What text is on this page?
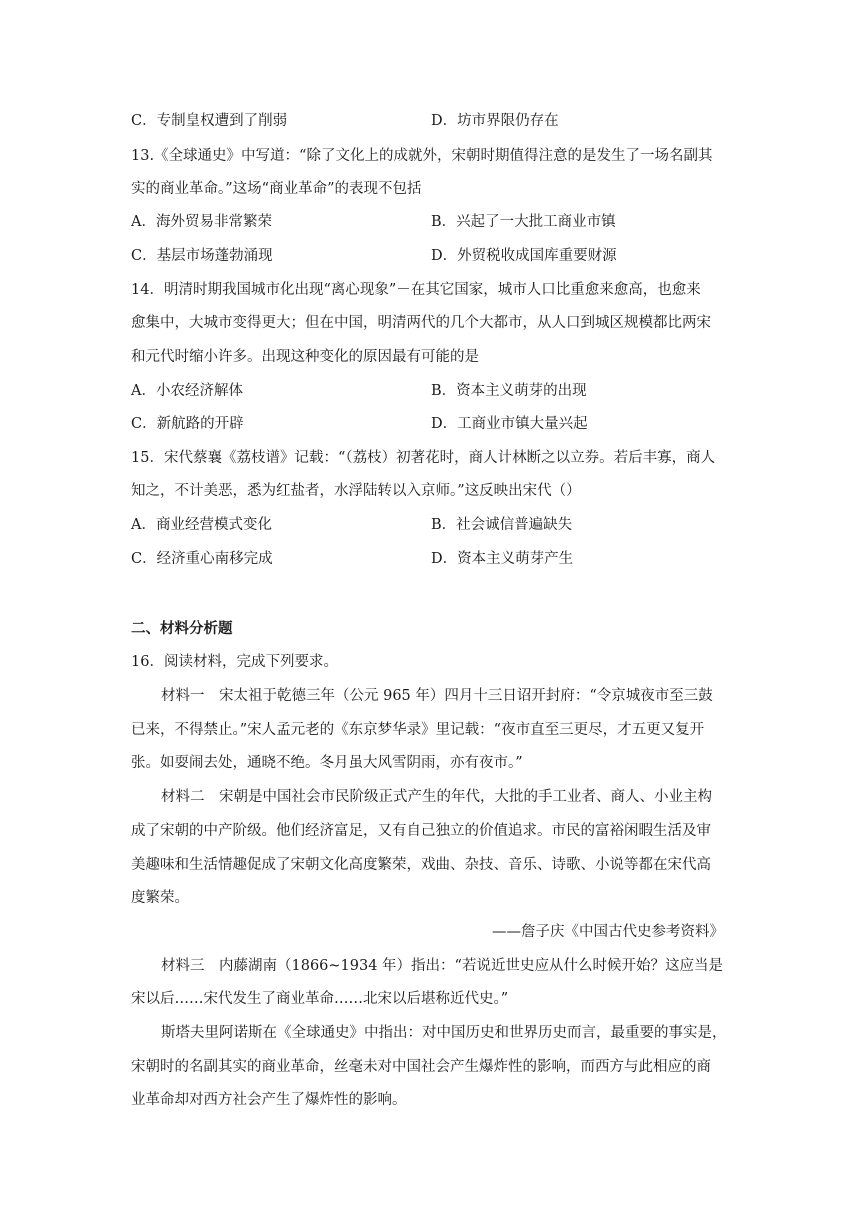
C．专制皇权遭到了削弱	D．坊市界限仍存在
13.《全球通史》中写道：“除了文化上的成就外，宋朝时期值得注意的是发生了一场名副其
实的商业革命。”这场“商业革命”的表现不包括
A．海外贸易非常繁荣	B．兴起了一大批工商业市镇
C．基层市场蓬勃涌现	D．外贸税收成国库重要财源
14．明清时期我国城市化出现“离心现象”－在其它国家，城市人口比重愈来愈高，也愈来
愈集中，大城市变得更大；但在中国，明清两代的几个大都市，从人口到城区规模都比两宋
和元代时缩小许多。出现这种变化的原因最有可能的是
A．小农经济解体	B．资本主义萌芽的出现
C．新航路的开辟	D．工商业市镇大量兴起
15．宋代蔡襄《荔枝谱》记载：“（荔枝）初著花时，商人计林断之以立券。若后丰寡，商人
知之，不计美恶，悉为红盐者，水浮陆转以入京师。”这反映出宋代（）
A．商业经营模式变化	B．社会诚信普遍缺失
C．经济重心南移完成	D．资本主义萌芽产生
二、材料分析题
16．阅读材料，完成下列要求。
材料一　宋太祖于乾德三年（公元 965 年）四月十三日诏开封府：“令京城夜市至三鼓
已来，不得禁止。”宋人孟元老的《东京梦华录》里记载：“夜市直至三更尽，才五更又复开
张。如耍闹去处，通晓不绝。冬月虽大风雪阴雨，亦有夜市。”
材料二　宋朝是中国社会市民阶级正式产生的年代，大批的手工业者、商人、小业主构
成了宋朝的中产阶级。他们经济富足，又有自己独立的价值追求。市民的富裕闲暇生活及审
美趣味和生活情趣促成了宋朝文化高度繁荣，戏曲、杂技、音乐、诗歌、小说等都在宋代高
度繁荣。
——詹子庆《中国古代史参考资料》
材料三　内藤湖南（1866~1934 年）指出：“若说近世史应从什么时候开始？这应当是
宋以后……宋代发生了商业革命……北宋以后堪称近代史。”
斯塔夫里阿诺斯在《全球通史》中指出：对中国历史和世界历史而言，最重要的事实是，
宋朝时的名副其实的商业革命，丝毫未对中国社会产生爆炸性的影响，而西方与此相应的商
业革命却对西方社会产生了爆炸性的影响。
